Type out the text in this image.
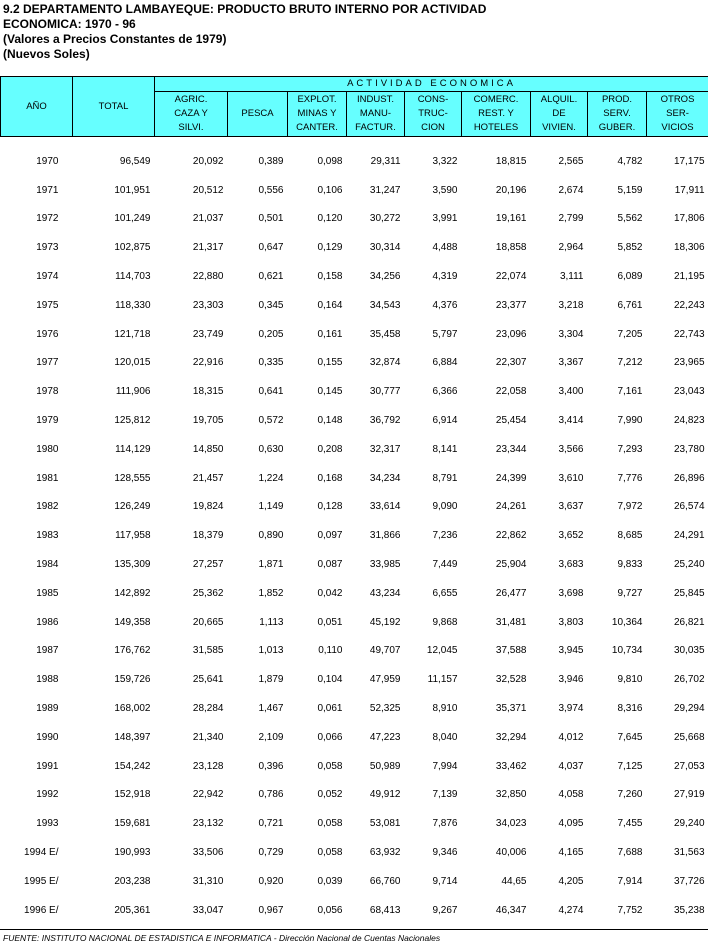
9.2 DEPARTAMENTO LAMBAYEQUE: PRODUCTO BRUTO INTERNO POR ACTIVIDAD
ECONOMICA: 1970 - 96
(Valores a Precios Constantes de 1979)
(Nuevos Soles)
AÑO	TOTAL	ACTIVIDAD ECONOMICA								

		AGRIC.
CAZA Y
SILVI.	PESCA	EXPLOT.
MINAS Y
CANTER.	INDUST.
MANU-
FACTUR.	CONS-
TRUC-
CION	COMERC.
REST. Y
HOTELES	ALQUIL.
DE
VIVIEN.	PROD.
SERV.
GUBER.	OTROS
SER-
VICIOS

1970	96,549	20,092	0,389	0,098	29,311	3,322	18,815	2,565	4,782	17,175
1971	101,951	20,512	0,556	0,106	31,247	3,590	20,196	2,674	5,159	17,911
1972	101,249	21,037	0,501	0,120	30,272	3,991	19,161	2,799	5,562	17,806
1973	102,875	21,317	0,647	0,129	30,314	4,488	18,858	2,964	5,852	18,306
1974	114,703	22,880	0,621	0,158	34,256	4,319	22,074	3,111	6,089	21,195
1975	118,330	23,303	0,345	0,164	34,543	4,376	23,377	3,218	6,761	22,243
1976	121,718	23,749	0,205	0,161	35,458	5,797	23,096	3,304	7,205	22,743
1977	120,015	22,916	0,335	0,155	32,874	6,884	22,307	3,367	7,212	23,965
1978	111,906	18,315	0,641	0,145	30,777	6,366	22,058	3,400	7,161	23,043
1979	125,812	19,705	0,572	0,148	36,792	6,914	25,454	3,414	7,990	24,823
1980	114,129	14,850	0,630	0,208	32,317	8,141	23,344	3,566	7,293	23,780
1981	128,555	21,457	1,224	0,168	34,234	8,791	24,399	3,610	7,776	26,896
1982	126,249	19,824	1,149	0,128	33,614	9,090	24,261	3,637	7,972	26,574
1983	117,958	18,379	0,890	0,097	31,866	7,236	22,862	3,652	8,685	24,291
1984	135,309	27,257	1,871	0,087	33,985	7,449	25,904	3,683	9,833	25,240
1985	142,892	25,362	1,852	0,042	43,234	6,655	26,477	3,698	9,727	25,845
1986	149,358	20,665	1,113	0,051	45,192	9,868	31,481	3,803	10,364	26,821
1987	176,762	31,585	1,013	0,110	49,707	12,045	37,588	3,945	10,734	30,035
1988	159,726	25,641	1,879	0,104	47,959	11,157	32,528	3,946	9,810	26,702
1989	168,002	28,284	1,467	0,061	52,325	8,910	35,371	3,974	8,316	29,294
1990	148,397	21,340	2,109	0,066	47,223	8,040	32,294	4,012	7,645	25,668
1991	154,242	23,128	0,396	0,058	50,989	7,994	33,462	4,037	7,125	27,053
1992	152,918	22,942	0,786	0,052	49,912	7,139	32,850	4,058	7,260	27,919
1993	159,681	23,132	0,721	0,058	53,081	7,876	34,023	4,095	7,455	29,240
1994 E/	190,993	33,506	0,729	0,058	63,932	9,346	40,006	4,165	7,688	31,563
1995 E/	203,238	31,310	0,920	0,039	66,760	9,714	44,65	4,205	7,914	37,726
1996 E/	205,361	33,047	0,967	0,056	68,413	9,267	46,347	4,274	7,752	35,238
FUENTE: INSTITUTO NACIONAL DE ESTADISTICA E INFORMATICA - Dirección Nacional de Cuentas Nacionales
